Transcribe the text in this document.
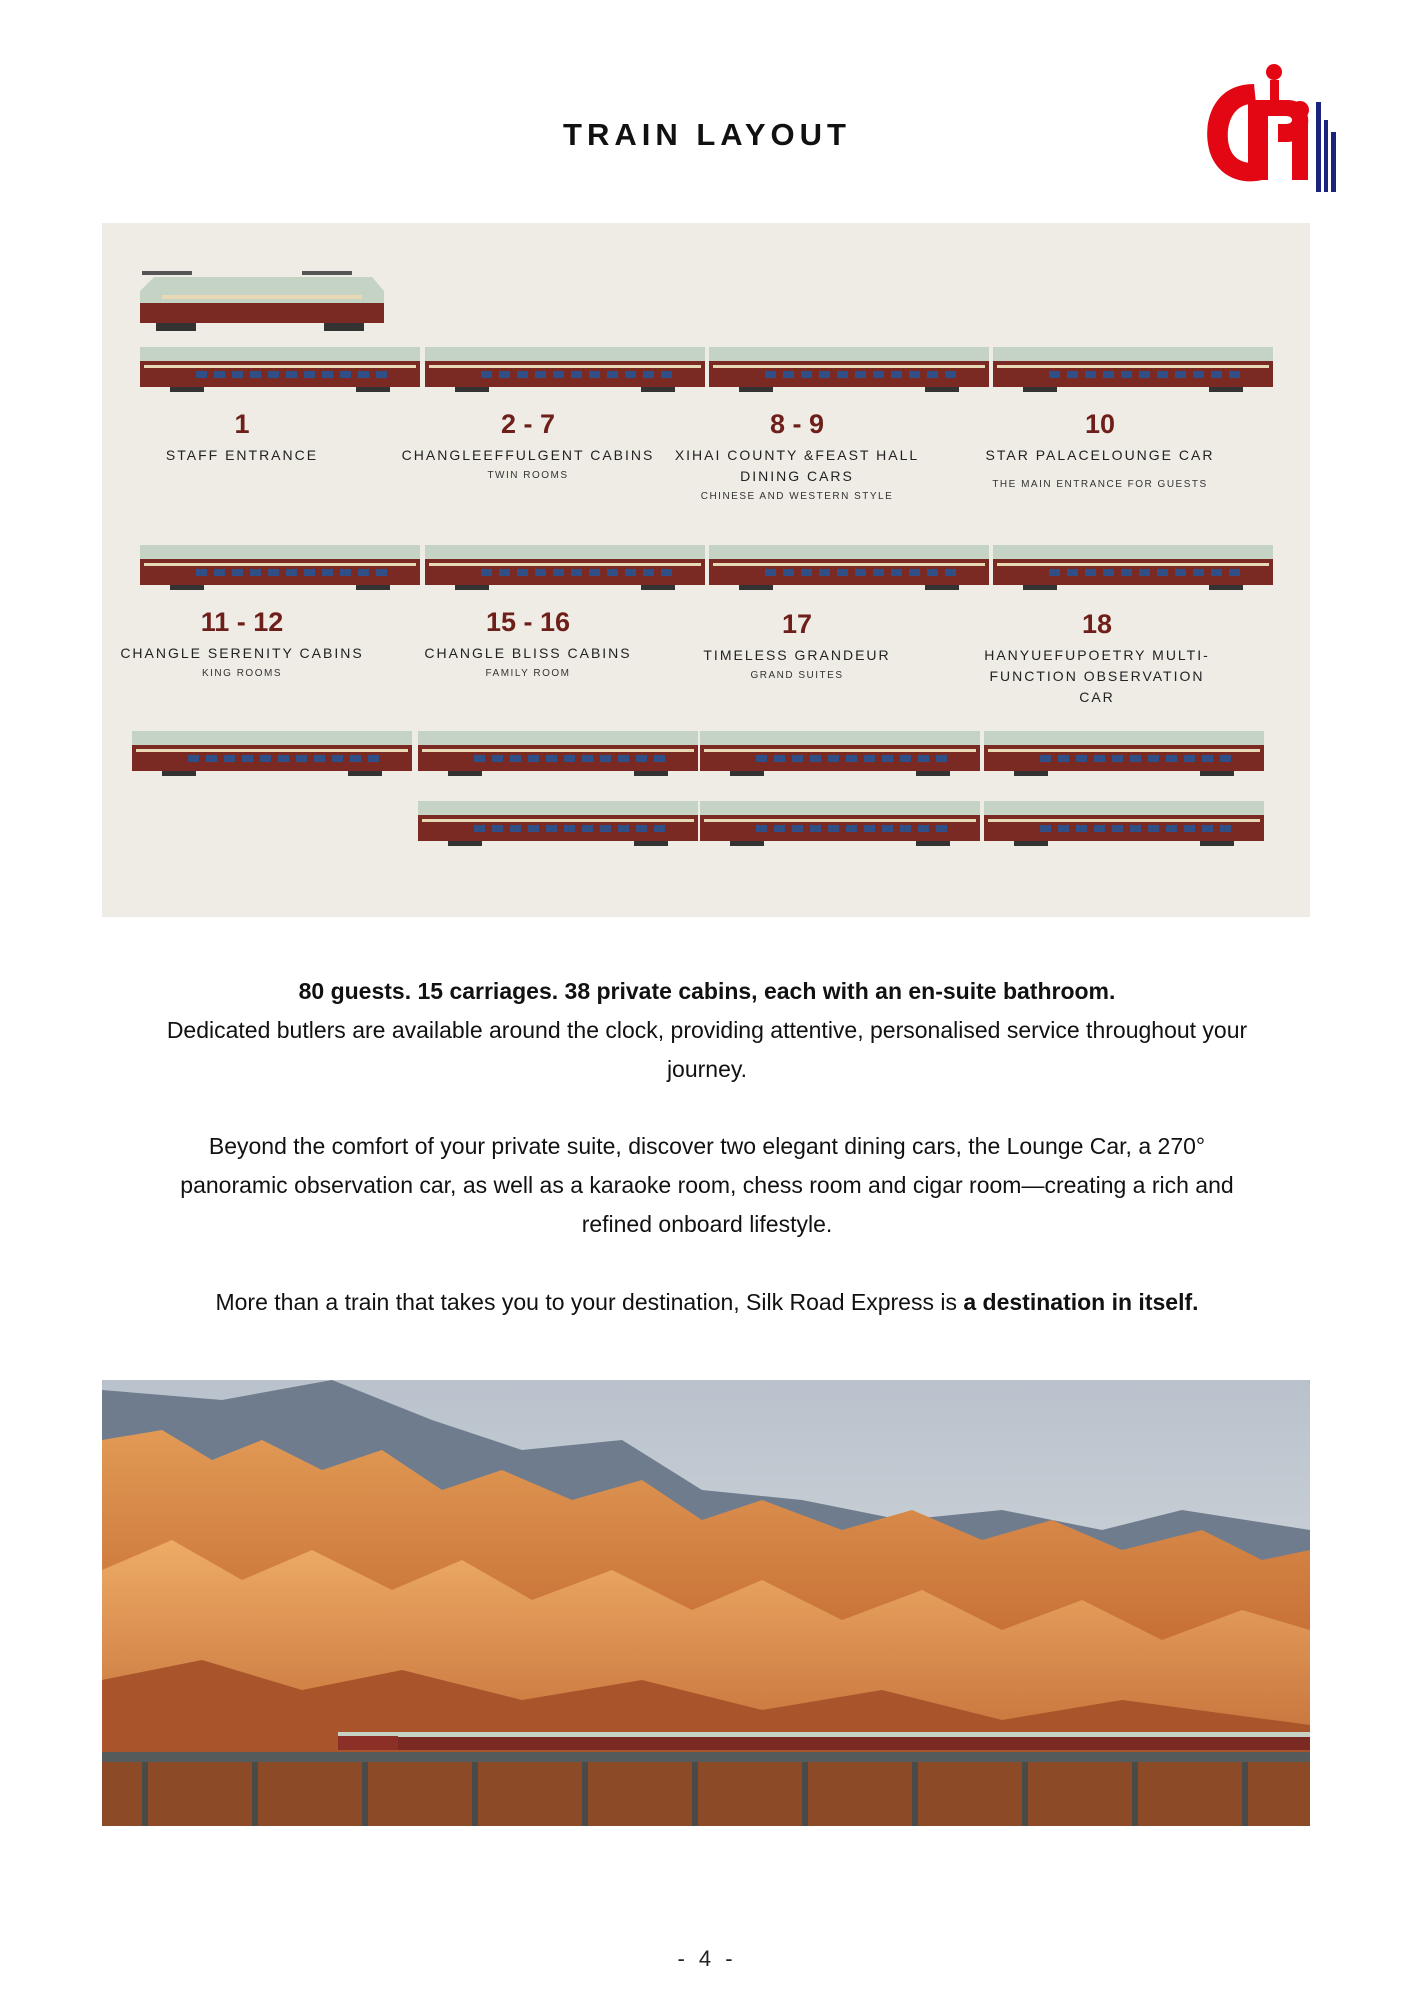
TRAIN LAYOUT
1
STAFF ENTRANCE
2 - 7
CHANGLEEFFULGENT CABINS
TWIN ROOMS
8 - 9
XIHAI COUNTY &FEAST HALL DINING CARS
CHINESE AND WESTERN STYLE
10
STAR PALACELOUNGE CAR
THE MAIN ENTRANCE FOR GUESTS
11 - 12
CHANGLE SERENITY CABINS
KING ROOMS
15 - 16
CHANGLE BLISS CABINS
FAMILY ROOM
17
TIMELESS GRANDEUR
GRAND SUITES
18
HANYUEFUPOETRY MULTI-FUNCTION OBSERVATION CAR
80 guests. 15 carriages. 38 private cabins, each with an en-suite bathroom.
Dedicated butlers are available around the clock, providing attentive, personalised service throughout your journey.
Beyond the comfort of your private suite, discover two elegant dining cars, the Lounge Car, a 270° panoramic observation car, as well as a karaoke room, chess room and cigar room—creating a rich and refined onboard lifestyle.
More than a train that takes you to your destination, Silk Road Express is a destination in itself.
- 4 -
